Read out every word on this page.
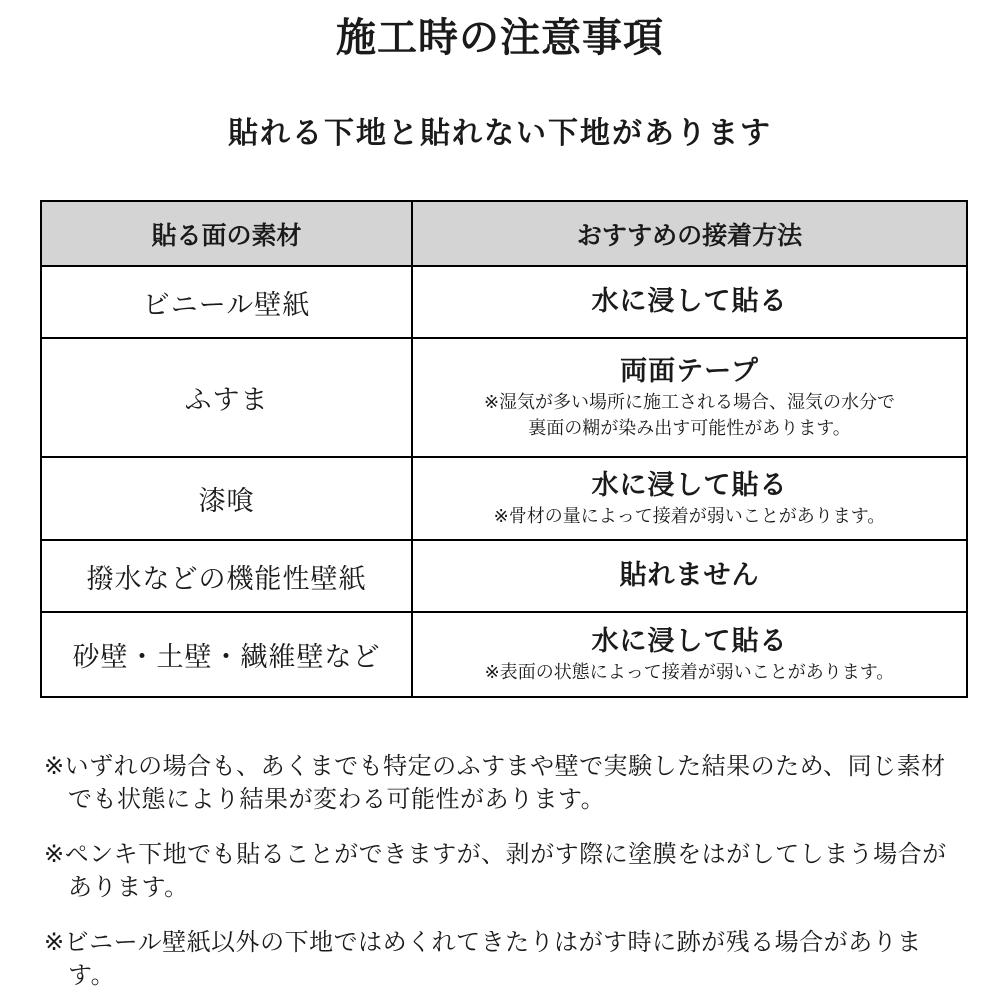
施工時の注意事項
貼れる下地と貼れない下地があります
貼る面の素材	おすすめの接着方法
ビニール壁紙	水に浸して貼る

ふすま	両面テープ
※湿気が多い場所に施工される場合、湿気の水分で
裏面の糊が染み出す可能性があります。

漆喰	水に浸して貼る
※骨材の量によって接着が弱いことがあります。

撥水などの機能性壁紙	貼れません

砂壁・土壁・繊維壁など	水に浸して貼る
※表面の状態によって接着が弱いことがあります。
※いずれの場合も、あくまでも特定のふすまや壁で実験した結果のため、同じ素材でも状態により結果が変わる可能性があります。
※ペンキ下地でも貼ることができますが、剥がす際に塗膜をはがしてしまう場合があります。
※ビニール壁紙以外の下地ではめくれてきたりはがす時に跡が残る場合があります。
